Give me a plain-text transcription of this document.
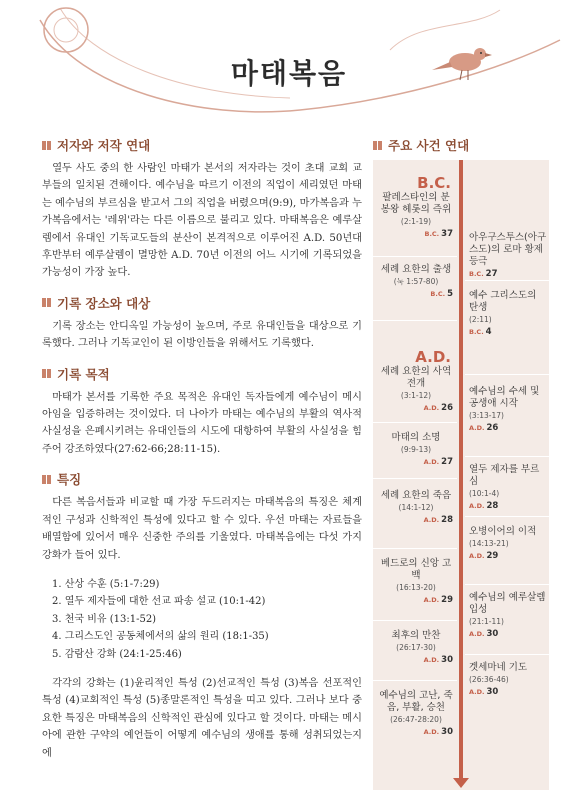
마태복음
저자와 저작 연대

열두 사도 중의 한 사람인 마태가 본서의 저자라는 것이 초대 교회 교부들의 일치된 견해이다. 예수님을 따르기 이전의 직업이 세리였던 마태는 예수님의 부르심을 받고서 그의 직업을 버렸으며(9:9), 마가복음과 누가복음에서는 '레위'라는 다른 이름으로 불리고 있다. 마태복음은 예루살렘에서 유대인 기독교도들의 분산이 본격적으로 이루어진 A.D. 50년대 후반부터 예루살렘이 멸망한 A.D. 70년 이전의 어느 시기에 기록되었을 가능성이 가장 높다.

기록 장소와 대상

기록 장소는 안디옥일 가능성이 높으며, 주로 유대인들을 대상으로 기록했다. 그러나 기독교인이 된 이방인들을 위해서도 기록했다.

기록 목적

마태가 본서를 기록한 주요 목적은 유대인 독자들에게 예수님이 메시아임을 입증하려는 것이었다. 더 나아가 마태는 예수님의 부활의 역사적 사실성을 은폐시키려는 유대인들의 시도에 대항하여 부활의 사실성을 힘주어 강조하였다(27:62-66;28:11-15).

특징

다른 복음서들과 비교할 때 가장 두드러지는 마태복음의 특징은 체계적인 구성과 신학적인 특성에 있다고 할 수 있다. 우선 마태는 자료들을 배열함에 있어서 매우 신중한 주의를 기울였다. 마태복음에는 다섯 가지 강화가 들어 있다.

1. 산상 수훈 (5:1-7:29)
2. 열두 제자들에 대한 선교 파송 설교 (10:1-42)
3. 천국 비유 (13:1-52)
4. 그리스도인 공동체에서의 삶의 원리 (18:1-35)
5. 감람산 강화 (24:1-25:46)

각각의 강화는 (1)윤리적인 특성 (2)선교적인 특성 (3)복음 선포적인 특성 (4)교회적인 특성 (5)종말론적인 특성을 띠고 있다. 그러나 보다 중요한 특징은 마태복음의 신학적인 관심에 있다고 할 것이다. 마태는 메시아에 관한 구약의 예언들이 어떻게 예수님의 생애를 통해 성취되었는지에

주요 사건 연대
B.C.
A.D.
팔레스타인의 분봉왕 헤롯의 즉위
(2:1-19)
B.C. 37
세례 요한의 출생
(눅 1:57-80)
B.C. 5
세례 요한의 사역 전개
(3:1-12)
A.D. 26
마태의 소명
(9:9-13)
A.D. 27
세례 요한의 죽음
(14:1-12)
A.D. 28
베드로의 신앙 고백
(16:13-20)
A.D. 29
최후의 만찬
(26:17-30)
A.D. 30
예수님의 고난, 죽음, 부활, 승천
(26:47-28:20)
A.D. 30
아우구스투스(아구스도)의 로마 황제 등극
B.C. 27
예수 그리스도의 탄생
(2:11)
B.C. 4
예수님의 수세 및 공생애 시작
(3:13-17)
A.D. 26
열두 제자를 부르심
(10:1-4)
A.D. 28
오병이어의 이적
(14:13-21)
A.D. 29
예수님의 예루살렘 입성
(21:1-11)
A.D. 30
겟세마네 기도
(26:36-46)
A.D. 30
